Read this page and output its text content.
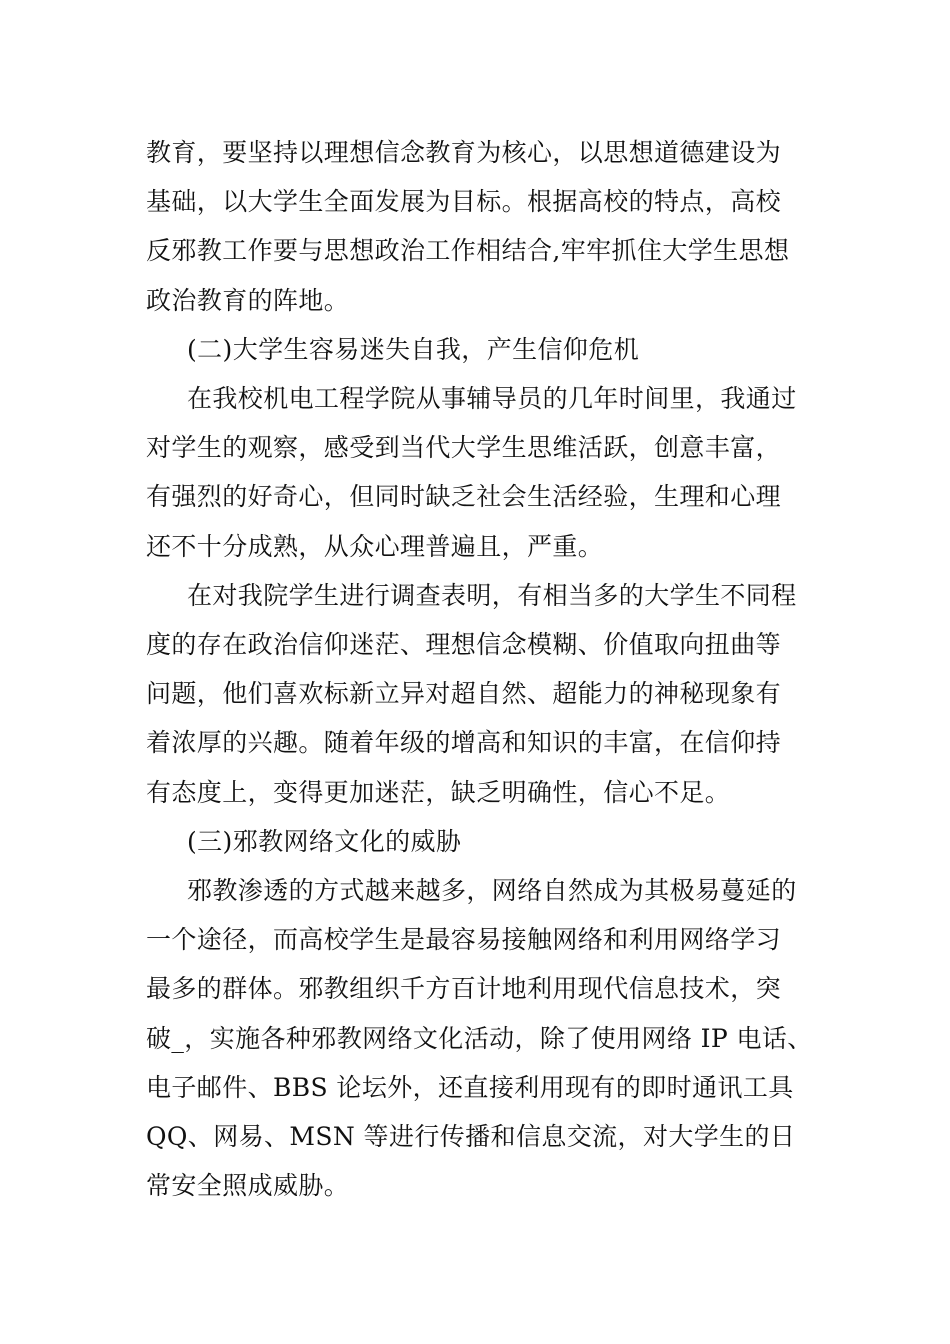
教育，要坚持以理想信念教育为核心，以思想道德建设为
基础，以大学生全面发展为目标。根据高校的特点，高校
反邪教工作要与思想政治工作相结合,牢牢抓住大学生思想
政治教育的阵地。
(二)大学生容易迷失自我，产生信仰危机
在我校机电工程学院从事辅导员的几年时间里，我通过
对学生的观察，感受到当代大学生思维活跃，创意丰富，
有强烈的好奇心，但同时缺乏社会生活经验，生理和心理
还不十分成熟，从众心理普遍且，严重。
在对我院学生进行调查表明，有相当多的大学生不同程
度的存在政治信仰迷茫、理想信念模糊、价值取向扭曲等
问题，他们喜欢标新立异对超自然、超能力的神秘现象有
着浓厚的兴趣。随着年级的增高和知识的丰富，在信仰持
有态度上，变得更加迷茫，缺乏明确性，信心不足。
(三)邪教网络文化的威胁
邪教渗透的方式越来越多，网络自然成为其极易蔓延的
一个途径，而高校学生是最容易接触网络和利用网络学习
最多的群体。邪教组织千方百计地利用现代信息技术，突
破_，实施各种邪教网络文化活动，除了使用网络 IP 电话、
电子邮件、BBS 论坛外，还直接利用现有的即时通讯工具
QQ、网易、MSN 等进行传播和信息交流，对大学生的日
常安全照成威胁。
